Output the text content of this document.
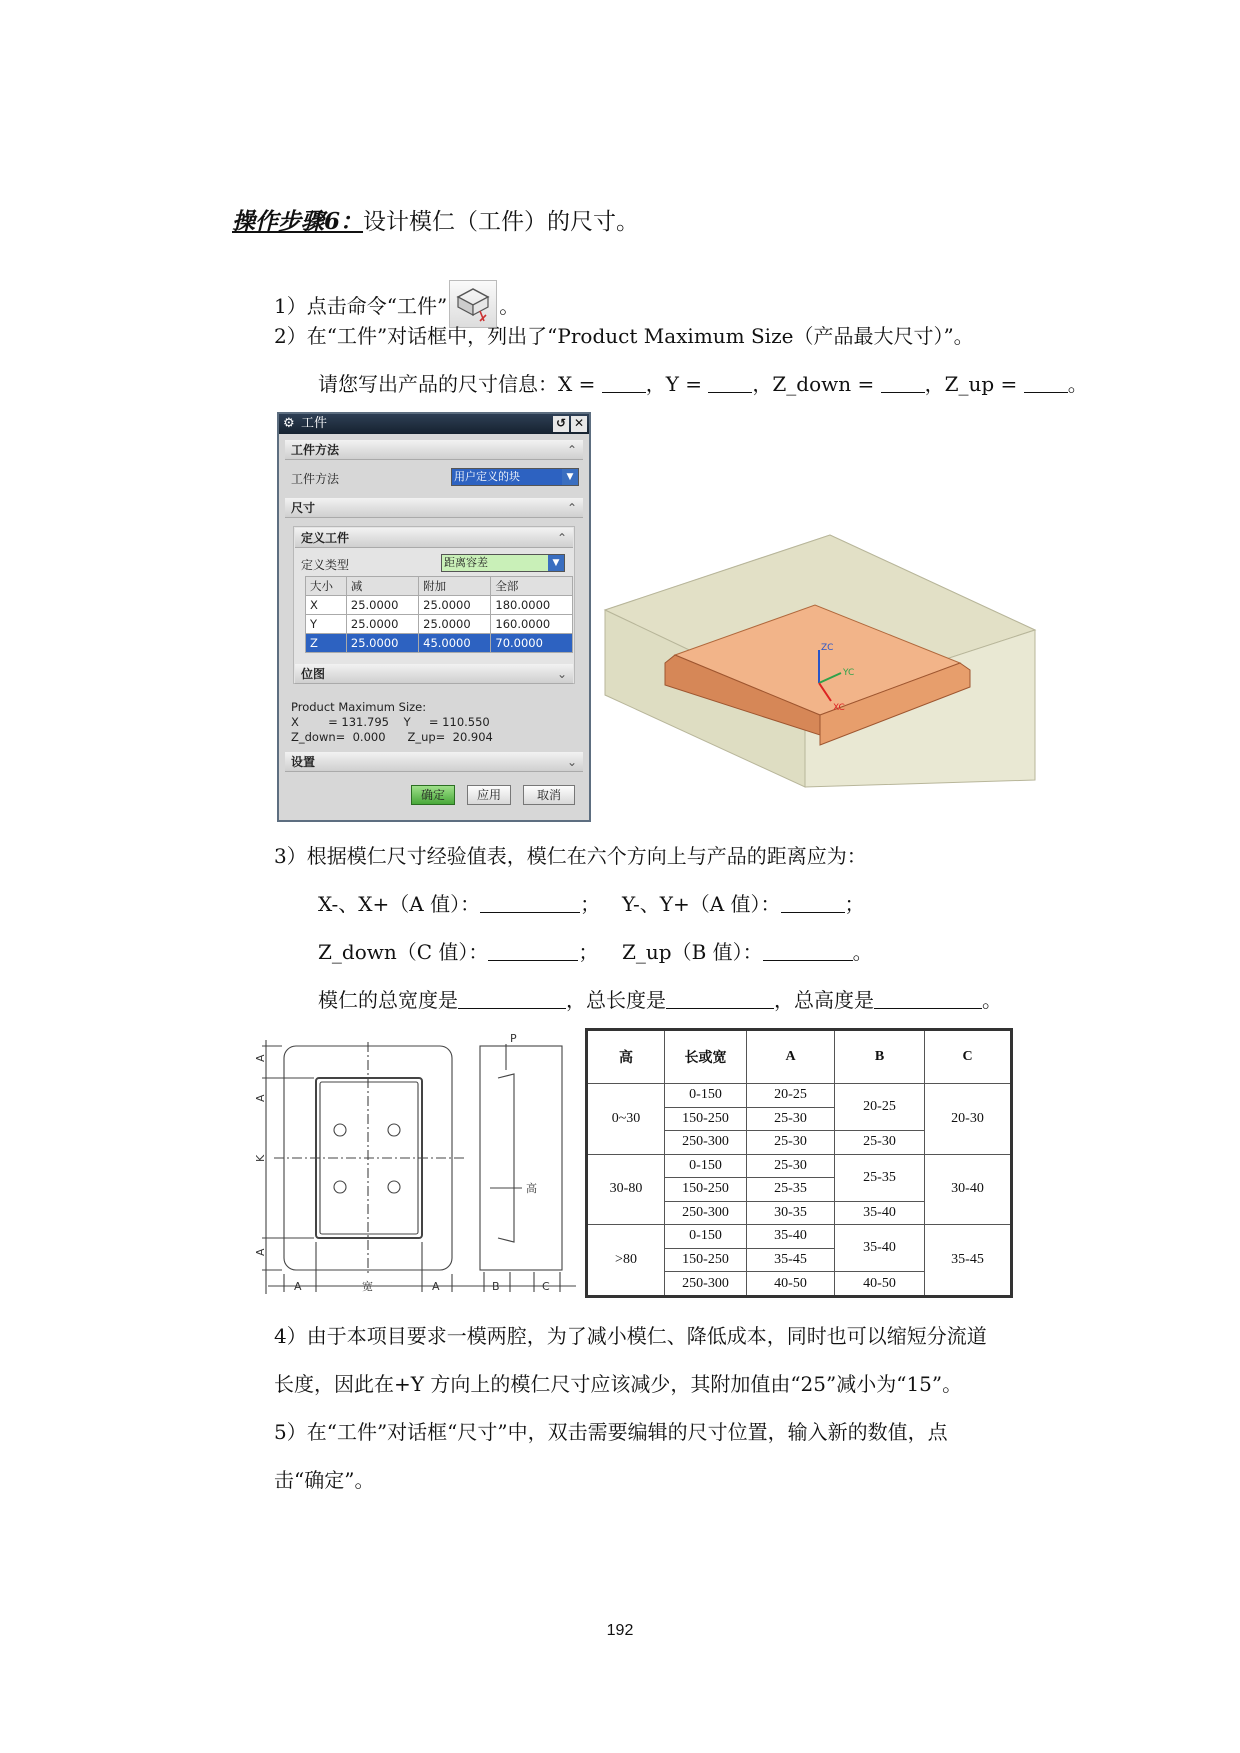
操作步骤6：设计模仁（工件）的尺寸。
1）点击命令“工件”	。
2）在“工件”对话框中，列出了“Product Maximum Size（产品最大尺寸）”。
请您写出产品的尺寸信息：X = ，Y = ，Z_down = ，Z_up = 。
⚙ 工件	↺ ✕
工件方法	⌃
工件方法	用户定义的块	▼
尺寸	⌃
定义工件	⌃
定义类型	距离容差	▼
大小	减	附加	全部
X	25.0000	25.0000	180.0000
Y	25.0000	25.0000	160.0000
Z	25.0000	45.0000	70.0000
位图	⌄
Product Maximum Size:
X        = 131.795    Y     = 110.550
Z_down=  0.000      Z_up=  20.904
设置	⌄
确定	应用	取消
ZC
YC
XC
3）根据模仁尺寸经验值表，模仁在六个方向上与产品的距离应为：
X-、X+（A 值）：	； Y-、Y+（A 值）：	；
Z_down（C 值）：	； Z_up（B 值）：	。
模仁的总宽度是	，总长度是	，总高度是	。
A
A
K
A
宽
A	A
P
高
B	C
高	长或宽	A	B	C
0~30	0-150	20-25	20-25	20-30
	150-250	25-30		
	250-300	25-30	25-30	
30-80	0-150	25-30	25-35	30-40
	150-250	25-35		
	250-300	30-35	35-40	
>80	0-150	35-40	35-40	35-45
	150-250	35-45		
	250-300	40-50	40-50	
4）由于本项目要求一模两腔，为了减小模仁、降低成本，同时也可以缩短分流道
长度，因此在+Y 方向上的模仁尺寸应该减少，其附加值由“25”减小为“15”。
5）在“工件”对话框“尺寸”中，双击需要编辑的尺寸位置，输入新的数值，点
击“确定”。
192
